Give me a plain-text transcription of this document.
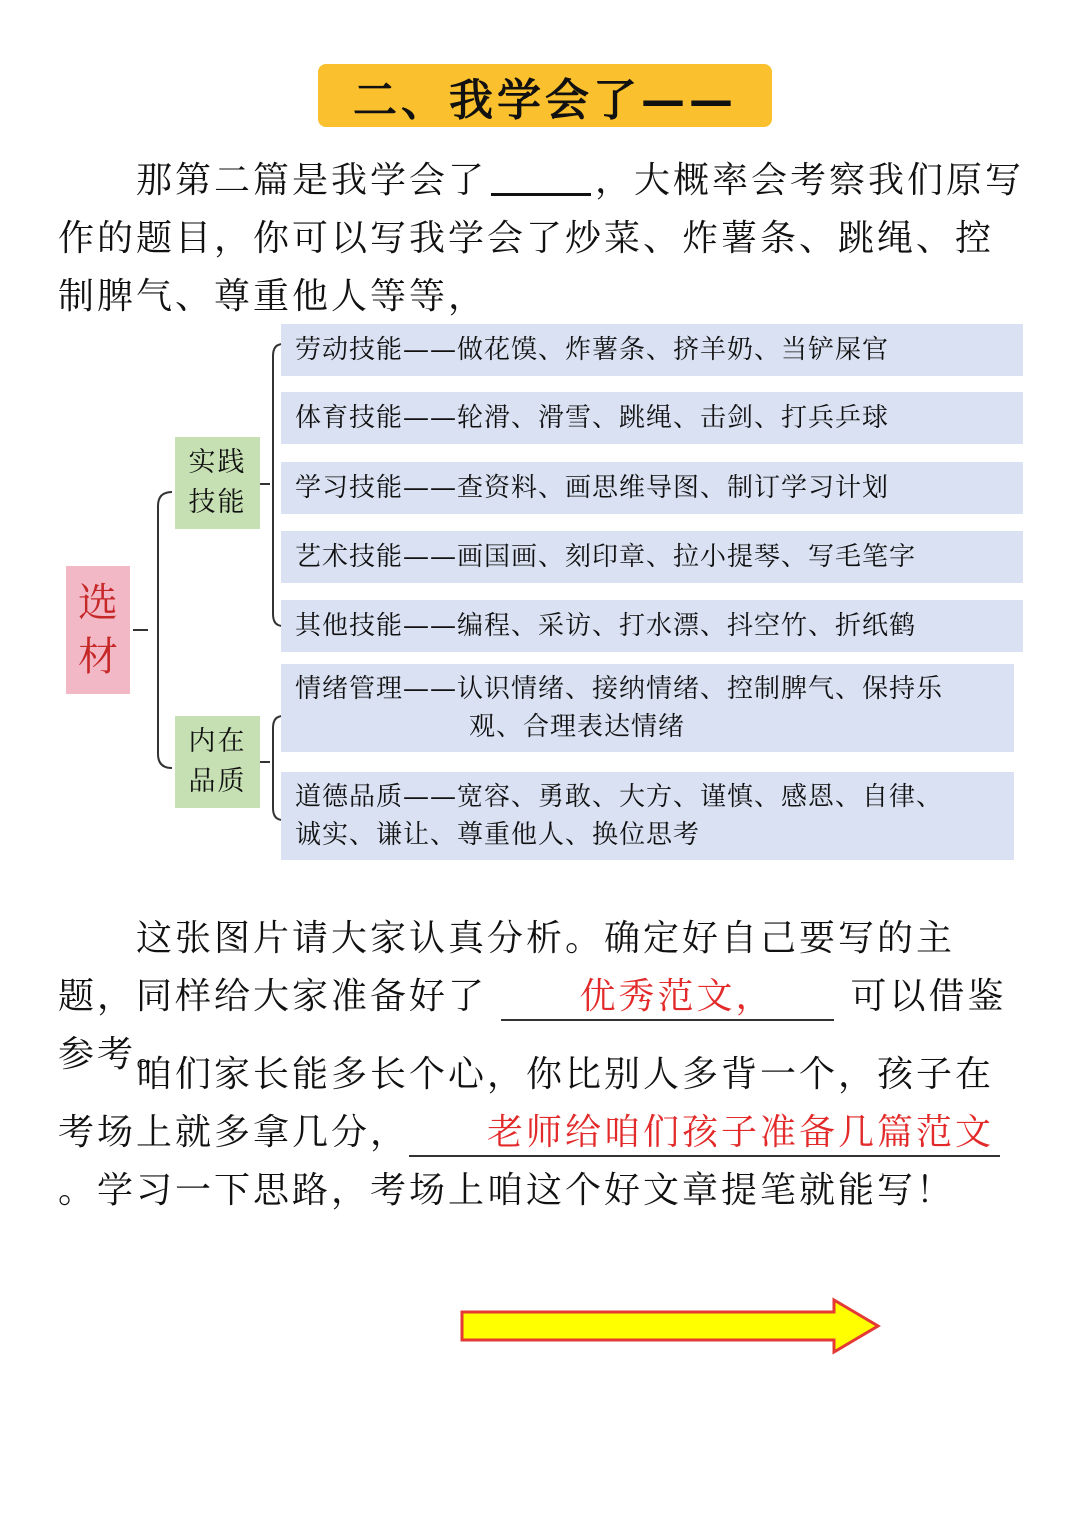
二、我学会了——
那第二篇是我学会了	，大概率会考察我们原写作的题目，你可以写我学会了炒菜、炸薯条、跳绳、控制脾气、尊重他人等等，
选
材
实践
技能
内在
品质
劳动技能——做花馍、炸薯条、挤羊奶、当铲屎官
体育技能——轮滑、滑雪、跳绳、击剑、打兵乒球
学习技能——查资料、画思维导图、制订学习计划
艺术技能——画国画、刻印章、拉小提琴、写毛笔字
其他技能——编程、采访、打水漂、抖空竹、折纸鹤
情绪管理——认识情绪、接纳情绪、控制脾气、保持乐
观、合理表达情绪
道德品质——宽容、勇敢、大方、谨慎、感恩、自律、
诚实、谦让、尊重他人、换位思考
这张图片请大家认真分析。确定好自己要写的主题，同样给大家准备好了	优秀范文， 可以借鉴参考。
咱们家长能多长个心，你比别人多背一个，孩子在考场上就多拿几分， 老师给咱们孩子准备几篇范文。学习一下思路，考场上咱这个好文章提笔就能写！
